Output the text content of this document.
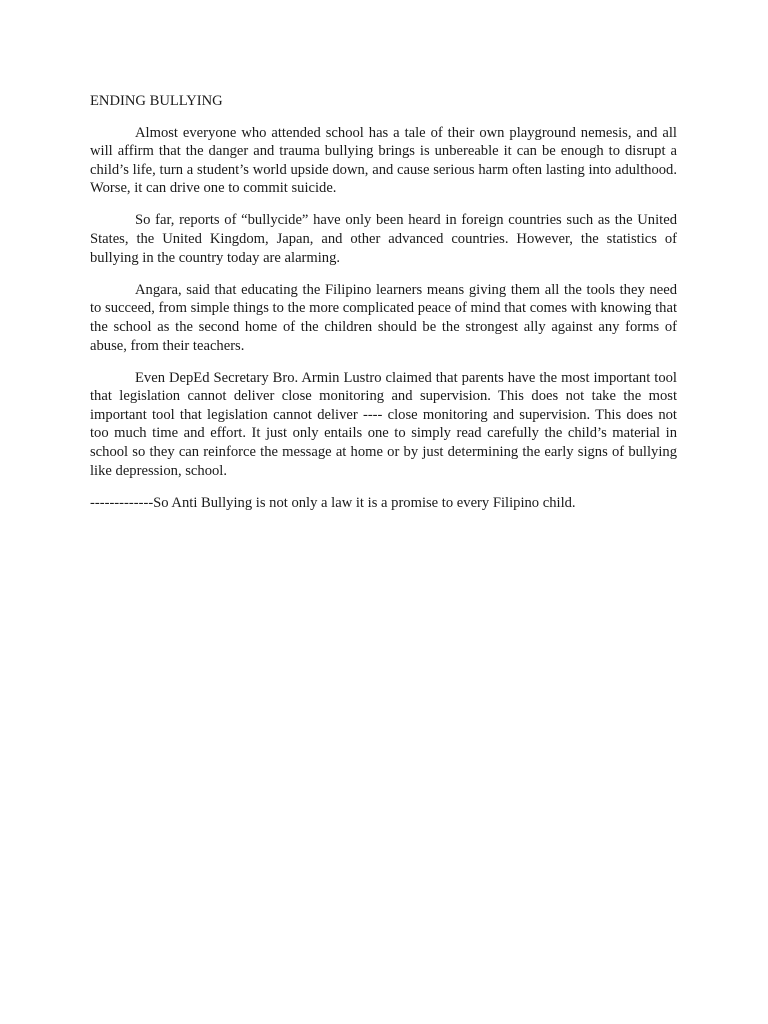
ENDING BULLYING

Almost everyone who attended school has a tale of their own playground nemesis, and all will affirm that the danger and trauma bullying brings is unbereable it can be enough to disrupt a child’s life, turn a student’s world upside down, and cause serious harm often lasting into adulthood. Worse, it can drive one to commit suicide.

So far, reports of “bullycide” have only been heard in foreign countries such as the United States, the United Kingdom, Japan, and other advanced countries. However, the statistics of bullying in the country today are alarming.

Angara, said that educating the Filipino learners means giving them all the tools they need to succeed, from simple things to the more complicated peace of mind that comes with knowing that the school as the second home of the children should be the strongest ally against any forms of abuse, from their teachers.

Even DepEd Secretary Bro. Armin Lustro claimed that parents have the most important tool that legislation cannot deliver close monitoring and supervision. This does not take the most important tool that legislation cannot deliver ---- close monitoring and supervision. This does not too much time and effort. It just only entails one to simply read carefully the child’s material in school so they can reinforce the message at home or by just determining the early signs of bullying like depression, school.

-------------So Anti Bullying is not only a law it is a promise to every Filipino child.
